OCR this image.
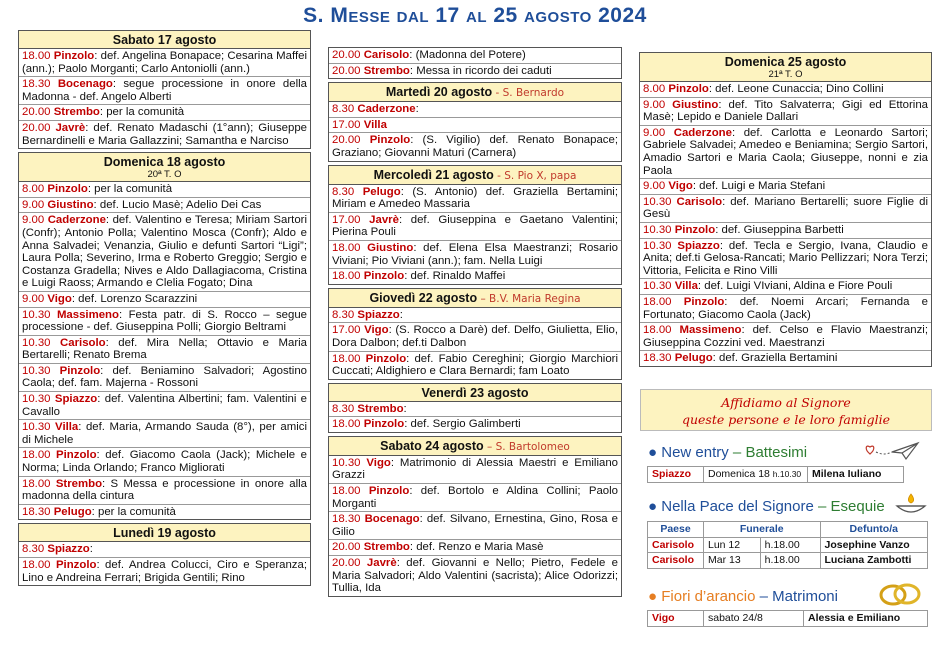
S. Messe dal 17 al 25 agosto 2024
Sabato 17 agosto
18.00 Pinzolo: def. Angelina Bonapace; Cesarina Maffei (ann.); Paolo Morganti; Carlo Antoniolli (ann.)
18.30 Bocenago: segue processione in onore della Madonna - def. Angelo Alberti
20.00 Strembo: per la comunità
20.00 Javrè: def. Renato Madaschi (1°ann); Giuseppe Bernardinelli e Maria Gallazzini; Samantha e Narciso
Domenica 18 agosto
20ª T. O
8.00 Pinzolo: per la comunità
9.00 Giustino: def. Lucio Masè; Adelio Dei Cas
9.00 Caderzone: def. Valentino e Teresa; Miriam Sartori (Confr); Antonio Polla; Valentino Mosca (Confr); Aldo e Anna Salvadei; Venanzia, Giulio e defunti Sartori “Ligi”; Laura Polla; Severino, Irma e Roberto Greggio; Sergio e Costanza Gradella; Nives e Aldo Dallagiacoma, Cristina e Luigi Raoss; Armando e Clelia Fogato; Dina
9.00 Vigo: def. Lorenzo Scarazzini
10.30 Massimeno: Festa patr. di S. Rocco – segue processione - def. Giuseppina Polli; Giorgio Beltrami
10.30 Carisolo: def. Mira Nella; Ottavio e Maria Bertarelli; Renato Brema
10.30 Pinzolo: def. Beniamino Salvadori; Agostino Caola; def. fam. Majerna - Rossoni
10.30 Spiazzo: def. Valentina Albertini; fam. Valentini e Cavallo
10.30 Villa: def. Maria, Armando Sauda (8°), per amici di Michele
18.00 Pinzolo: def. Giacomo Caola (Jack); Michele e Norma; Linda Orlando; Franco Migliorati
18.00 Strembo: S Messa e processione in onore alla madonna della cintura
18.30 Pelugo: per la comunità
Lunedì 19 agosto
8.30 Spiazzo:
18.00 Pinzolo: def. Andrea Colucci, Ciro e Speranza; Lino e Andreina Ferrari; Brigida Gentili; Rino
20.00 Carisolo: (Madonna del Potere)
20.00 Strembo: Messa in ricordo dei caduti
Martedì 20 agosto - S. Bernardo
8.30 Caderzone:
17.00 Villa
20.00 Pinzolo: (S. Vigilio) def. Renato Bonapace; Graziano; Giovanni Maturi (Carnera)
Mercoledì 21 agosto - S. Pio X, papa
8.30 Pelugo: (S. Antonio) def. Graziella Bertamini; Miriam e Amedeo Massaria
17.00 Javrè: def. Giuseppina e Gaetano Valentini; Pierina Pouli
18.00 Giustino: def. Elena Elsa Maestranzi; Rosario Viviani; Pio Viviani (ann.); fam. Nella Luigi
18.00 Pinzolo: def. Rinaldo Maffei
Giovedì 22 agosto – B.V. Maria Regina
8.30 Spiazzo:
17.00 Vigo: (S. Rocco a Darè) def. Delfo, Giulietta, Elio, Dora Dalbon; def.ti Dalbon
18.00 Pinzolo: def. Fabio Cereghini; Giorgio Marchiori Cuccati; Aldighiero e Clara Bernardi; fam Loato
Venerdì 23 agosto
8.30 Strembo:
18.00 Pinzolo: def. Sergio Galimberti
Sabato 24 agosto – S. Bartolomeo
10.30 Vigo: Matrimonio di Alessia Maestri e Emiliano Grazzi
18.00 Pinzolo: def. Bortolo e Aldina Collini; Paolo Morganti
18.30 Bocenago: def. Silvano, Ernestina, Gino, Rosa e Gilio
20.00 Strembo: def. Renzo e Maria Masè
20.00 Javrè: def. Giovanni e Nello; Pietro, Fedele e Maria Salvadori; Aldo Valentini (sacrista); Alice Odorizzi; Tullia, Ida
Domenica 25 agosto
21ª T. O
8.00 Pinzolo: def. Leone Cunaccia; Dino Collini
9.00 Giustino: def. Tito Salvaterra; Gigi ed Ettorina Masè; Lepido e Daniele Dallari
9.00 Caderzone: def. Carlotta e Leonardo Sartori; Gabriele Salvadei; Amedeo e Beniamina; Sergio Sartori, Amadio Sartori e Maria Caola; Giuseppe, nonni e zia Paola
9.00 Vigo: def. Luigi e Maria Stefani
10.30 Carisolo: def. Mariano Bertarelli; suore Figlie di Gesù
10.30 Pinzolo: def. Giuseppina Barbetti
10.30 Spiazzo: def. Tecla e Sergio, Ivana, Claudio e Anita; def.ti Gelosa-Rancati; Mario Pellizzari; Nora Terzi; Vittoria, Felicita e Rino Villi
10.30 Villa: def. Luigi VIviani, Aldina e Fiore Pouli
18.00 Pinzolo: def. Noemi Arcari; Fernanda e Fortunato; Giacomo Caola (Jack)
18.00 Massimeno: def. Celso e Flavio Maestranzi; Giuseppina Cozzini ved. Maestranzi
18.30 Pelugo: def. Graziella Bertamini
Affidiamo al Signore
queste persone e le loro famiglie
● New entry – Battesimi
Spiazzo	Domenica 18 h.10.30	Milena Iuliano
● Nella Pace del Signore – Esequie
Paese	Funerale		Defunto/a
Carisolo	Lun 12	h.18.00	Josephine Vanzo
Carisolo	Mar 13	h.18.00	Luciana Zambotti
● Fiori d’arancio – Matrimoni
Vigo	sabato 24/8	Alessia e Emiliano
